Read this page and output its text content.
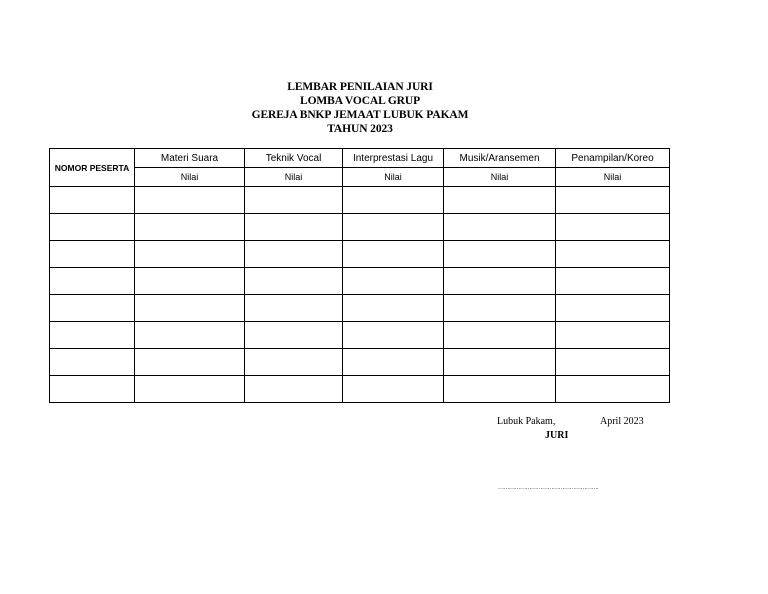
LEMBAR PENILAIAN JURI
LOMBA VOCAL GRUP
GEREJA BNKP JEMAAT LUBUK PAKAM
TAHUN 2023
NOMOR PESERTA	Materi Suara	Teknik Vocal	Interprestasi Lagu	Musik/Aransemen	Penampilan/Koreo
	Nilai	Nilai	Nilai	Nilai	Nilai

Lubuk Pakam,	April 2023
JURI
……………………………………………….
